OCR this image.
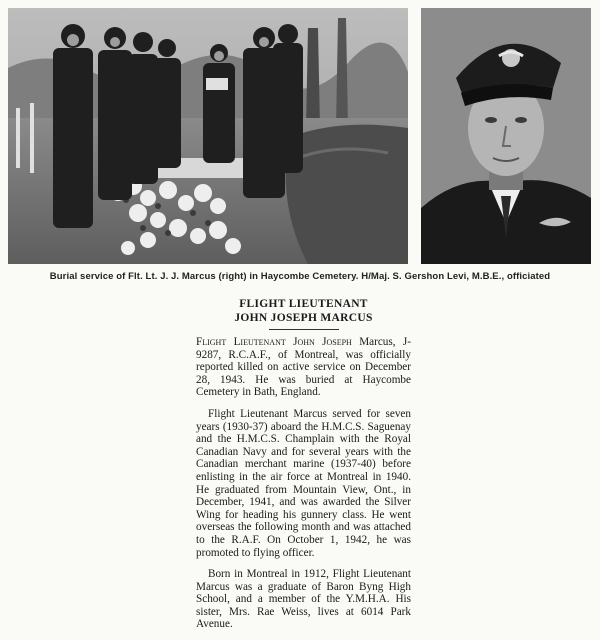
Burial service of Flt. Lt. J. J. Marcus (right) in Haycombe Cemetery. H/Maj. S. Gershon Levi, M.B.E., officiated
FLIGHT LIEUTENANT
JOHN JOSEPH MARCUS

Flight Lieutenant John Joseph Marcus, J-9287, R.C.A.F., of Montreal, was officially reported killed on active service on December 28, 1943. He was buried at Haycombe Cemetery in Bath, England.

Flight Lieutenant Marcus served for seven years (1930-37) aboard the H.M.C.S. Saguenay and the H.M.C.S. Champlain with the Royal Canadian Navy and for several years with the Canadian merchant marine (1937-40) before enlisting in the air force at Montreal in 1940. He graduated from Mountain View, Ont., in December, 1941, and was awarded the Silver Wing for heading his gunnery class. He went overseas the following month and was attached to the R.A.F. On October 1, 1942, he was promoted to flying officer.

Born in Montreal in 1912, Flight Lieutenant Marcus was a graduate of Baron Byng High School, and a member of the Y.M.H.A. His sister, Mrs. Rae Weiss, lives at 6014 Park Avenue.
